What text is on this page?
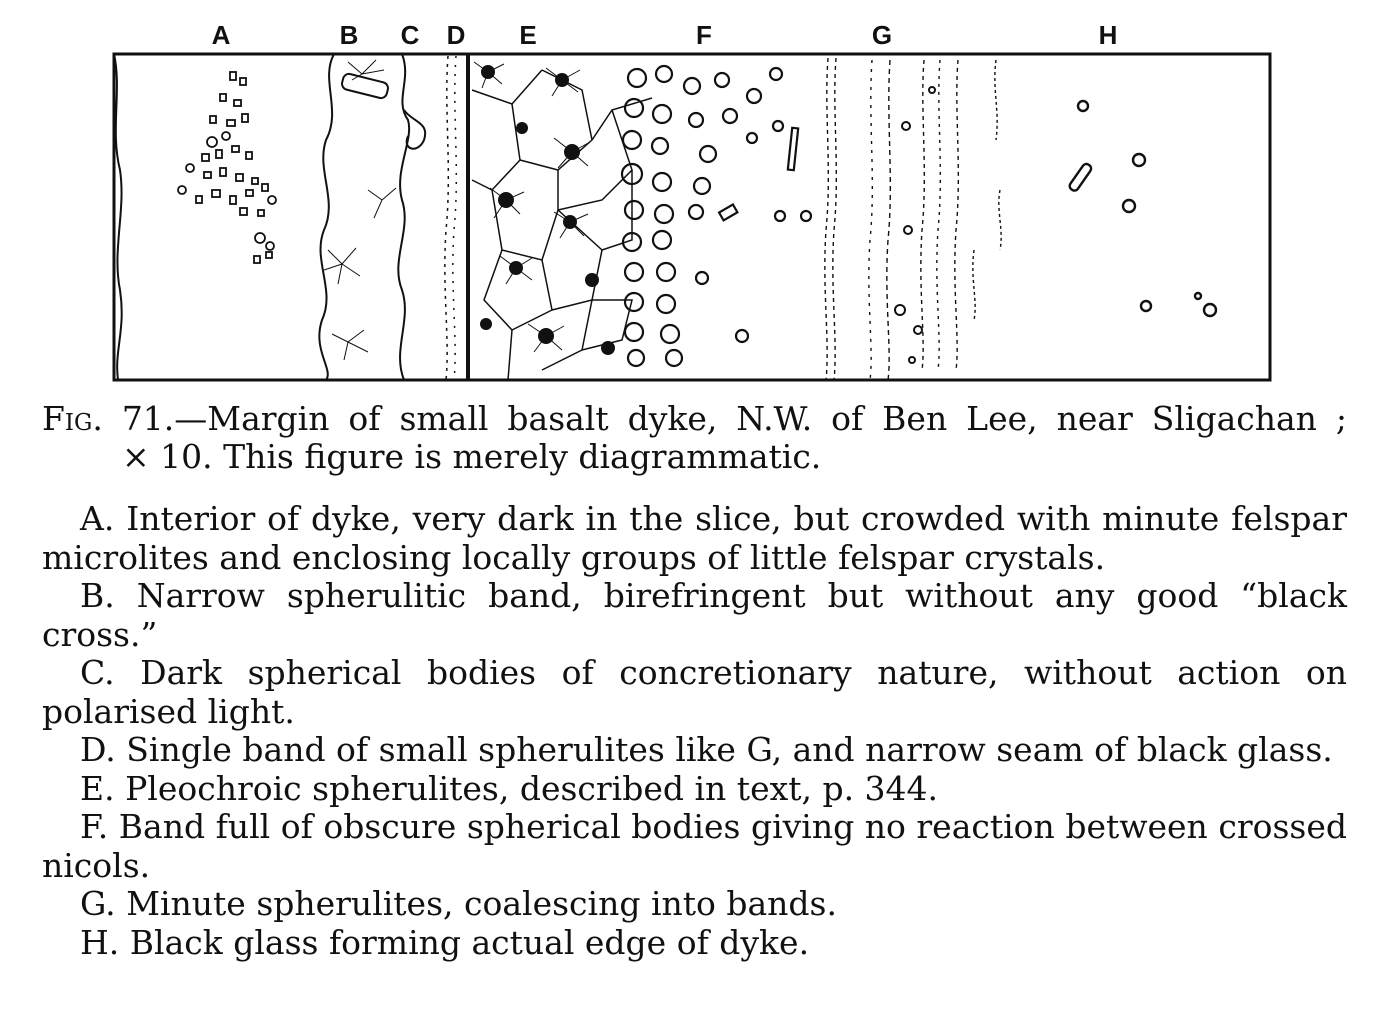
A	B C D E	F	G	H
Fig. 71.—Margin of small basalt dyke, N.W. of Ben Lee, near Sligachan ;
× 10. This figure is merely diagrammatic.
A. Interior of dyke, very dark in the slice, but crowded with minute felspar microlites and enclosing locally groups of little felspar crystals.
B. Narrow spherulitic band, birefringent but without any good “black cross.”
C. Dark spherical bodies of concretionary nature, without action on polarised light.
D. Single band of small spherulites like G, and narrow seam of black glass.
E. Pleochroic spherulites, described in text, p. 344.
F. Band full of obscure spherical bodies giving no reaction between crossed nicols.
G. Minute spherulites, coalescing into bands.
H. Black glass forming actual edge of dyke.
